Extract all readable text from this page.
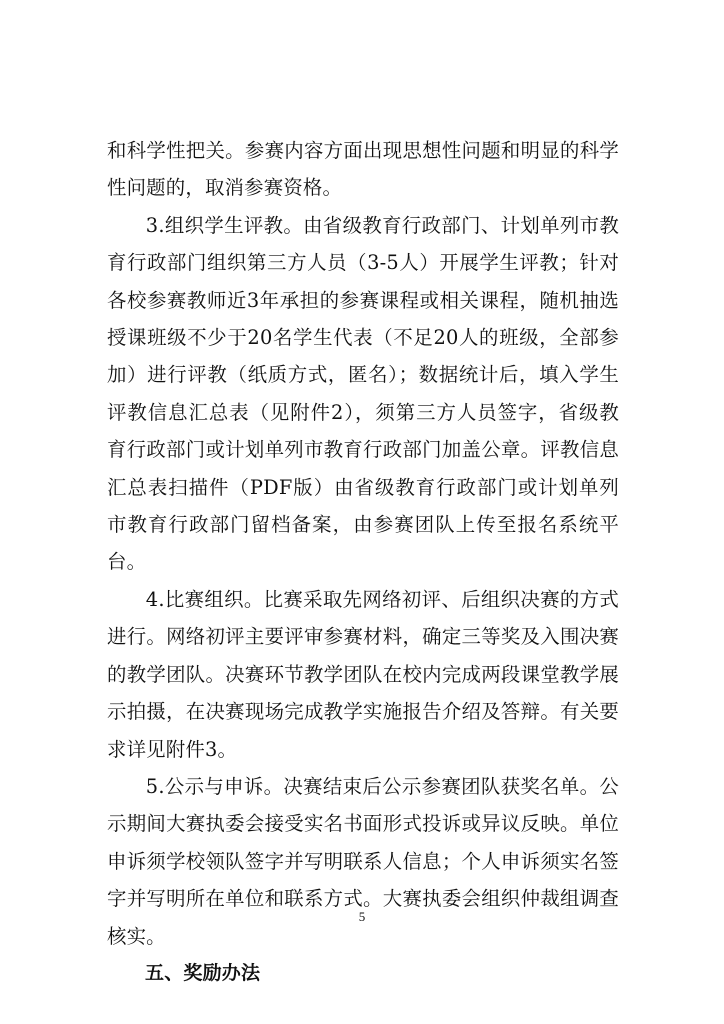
和科学性把关。参赛内容方面出现思想性问题和明显的科学性问题的，取消参赛资格。

3.组织学生评教。由省级教育行政部门、计划单列市教育行政部门组织第三方人员（3-5人）开展学生评教；针对各校参赛教师近3年承担的参赛课程或相关课程，随机抽选授课班级不少于20名学生代表（不足20人的班级，全部参加）进行评教（纸质方式，匿名）；数据统计后，填入学生评教信息汇总表（见附件2），须第三方人员签字，省级教育行政部门或计划单列市教育行政部门加盖公章。评教信息汇总表扫描件（PDF版）由省级教育行政部门或计划单列市教育行政部门留档备案，由参赛团队上传至报名系统平台。

4.比赛组织。比赛采取先网络初评、后组织决赛的方式进行。网络初评主要评审参赛材料，确定三等奖及入围决赛的教学团队。决赛环节教学团队在校内完成两段课堂教学展示拍摄，在决赛现场完成教学实施报告介绍及答辩。有关要求详见附件3。

5.公示与申诉。决赛结束后公示参赛团队获奖名单。公示期间大赛执委会接受实名书面形式投诉或异议反映。单位申诉须学校领队签字并写明联系人信息；个人申诉须实名签字并写明所在单位和联系方式。大赛执委会组织仲裁组调查核实。

五、奖励办法

5
